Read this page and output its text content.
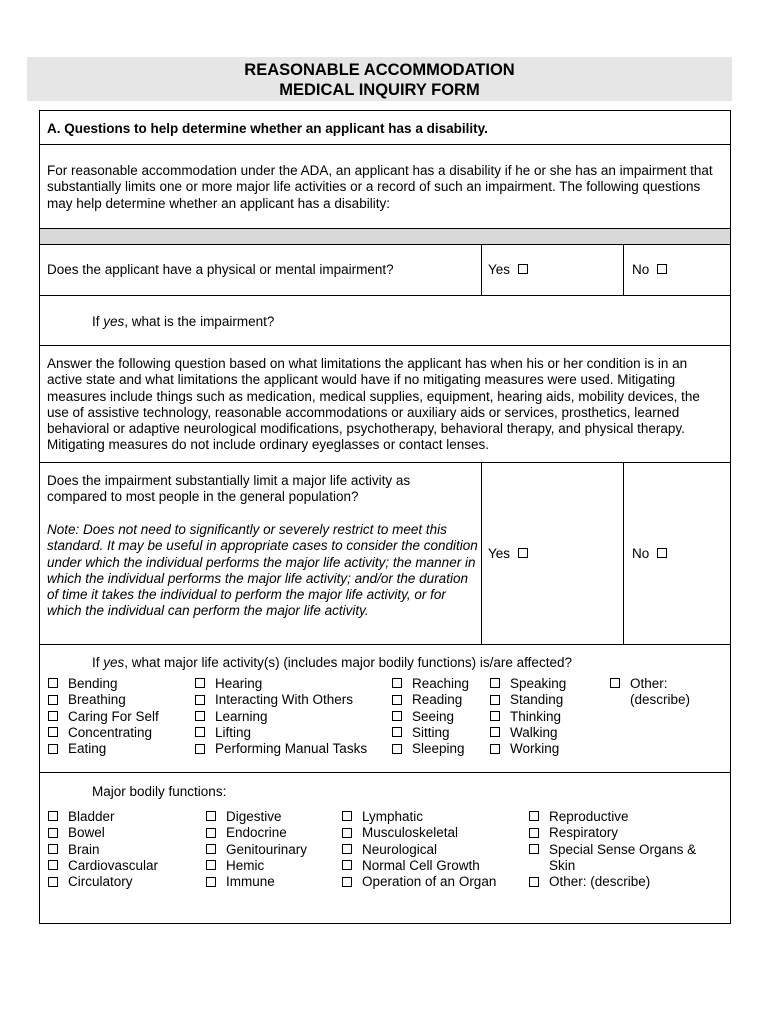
REASONABLE ACCOMMODATION
MEDICAL INQUIRY FORM
A. Questions to help determine whether an applicant has a disability.
For reasonable accommodation under the ADA, an applicant has a disability if he or she has an impairment that substantially limits one or more major life activities or a record of such an impairment. The following questions may help determine whether an applicant has a disability:
Does the applicant have a physical or mental impairment?	Yes	No
If yes, what is the impairment?
Answer the following question based on what limitations the applicant has when his or her condition is in an active state and what limitations the applicant would have if no mitigating measures were used. Mitigating measures include things such as medication, medical supplies, equipment, hearing aids, mobility devices, the use of assistive technology, reasonable accommodations or auxiliary aids or services, prosthetics, learned behavioral or adaptive neurological modifications, psychotherapy, behavioral therapy, and physical therapy. Mitigating measures do not include ordinary eyeglasses or contact lenses.
Does the impairment substantially limit a major life activity as compared to most people in the general population?
Note: Does not need to significantly or severely restrict to meet this standard. It may be useful in appropriate cases to consider the condition under which the individual performs the major life activity; the manner in which the individual performs the major life activity; and/or the duration of time it takes the individual to perform the major life activity, or for which the individual can perform the major life activity.
Yes	No
If yes, what major life activity(s) (includes major bodily functions) is/are affected?
Bending
Breathing
Caring For Self
Concentrating
Eating
Hearing
Interacting With Others
Learning
Lifting
Performing Manual Tasks
Reaching
Reading
Seeing
Sitting
Sleeping
Speaking
Standing
Thinking
Walking
Working
Other:
(describe)
Major bodily functions:
Bladder
Bowel
Brain
Cardiovascular
Circulatory
Digestive
Endocrine
Genitourinary
Hemic
Immune
Lymphatic
Musculoskeletal
Neurological
Normal Cell Growth
Operation of an Organ
Reproductive
Respiratory
Special Sense Organs &
Skin
Other: (describe)
